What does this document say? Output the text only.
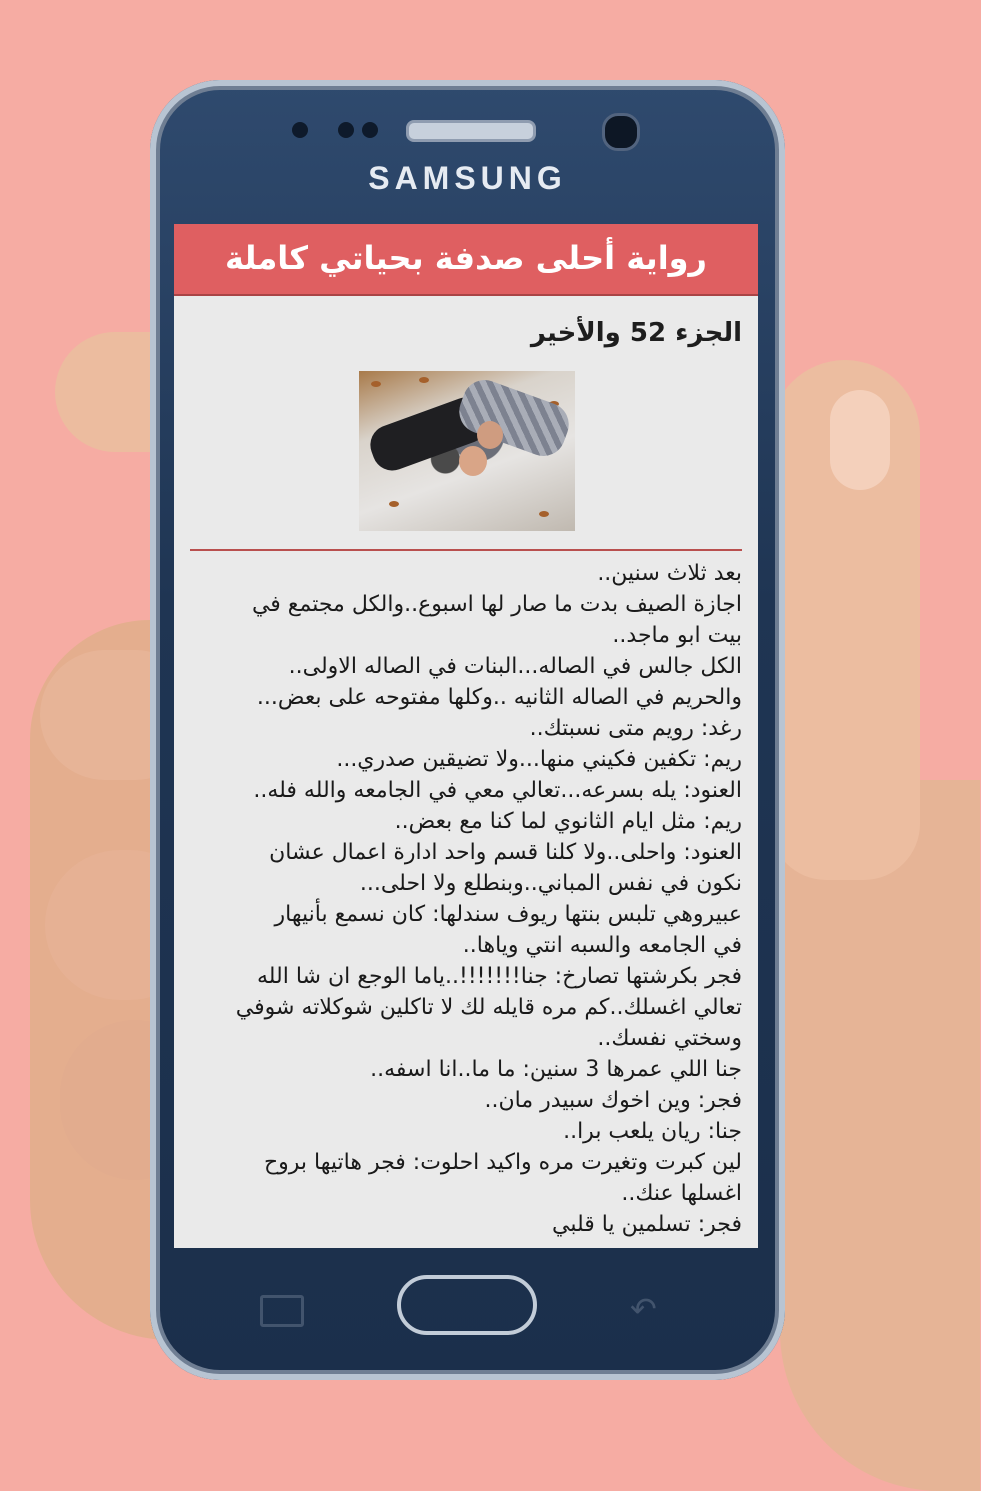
SAMSUNG
↶
رواية أحلى صدفة بحياتي كاملة
الجزء 52 والأخير
بعد ثلاث سنين..
اجازة الصيف بدت ما صار لها اسبوع..والكل مجتمع في
بيت ابو ماجد..
الكل جالس في الصاله...البنات في الصاله الاولى..
والحريم في الصاله الثانيه ..وكلها مفتوحه على بعض...
رغد: رويم متى نسبتك..
ريم: تكفين فكيني منها...ولا تضيقين صدري...
العنود: يله بسرعه...تعالي معي في الجامعه والله فله..
ريم: مثل ايام الثانوي لما كنا مع بعض..
العنود: واحلى..ولا كلنا قسم واحد ادارة اعمال عشان
نكون في نفس المباني..وبنطلع ولا احلى...
عبيروهي تلبس بنتها ريوف سندلها: كان نسمع بأنيهار
في الجامعه والسبه انتي وياها..
فجر بكرشتها تصارخ: جنا!!!!!!!..ياما الوجع ان شا الله
تعالي اغسلك..كم مره قايله لك لا تاكلين شوكلاته شوفي
وسختي نفسك..
جنا اللي عمرها 3 سنين: ما ما..انا اسفه..
فجر: وين اخوك سبيدر مان..
جنا: ريان يلعب برا..
لين كبرت وتغيرت مره واكيد احلوت: فجر هاتيها بروح
اغسلها عنك..
فجر: تسلمين يا قلبي
